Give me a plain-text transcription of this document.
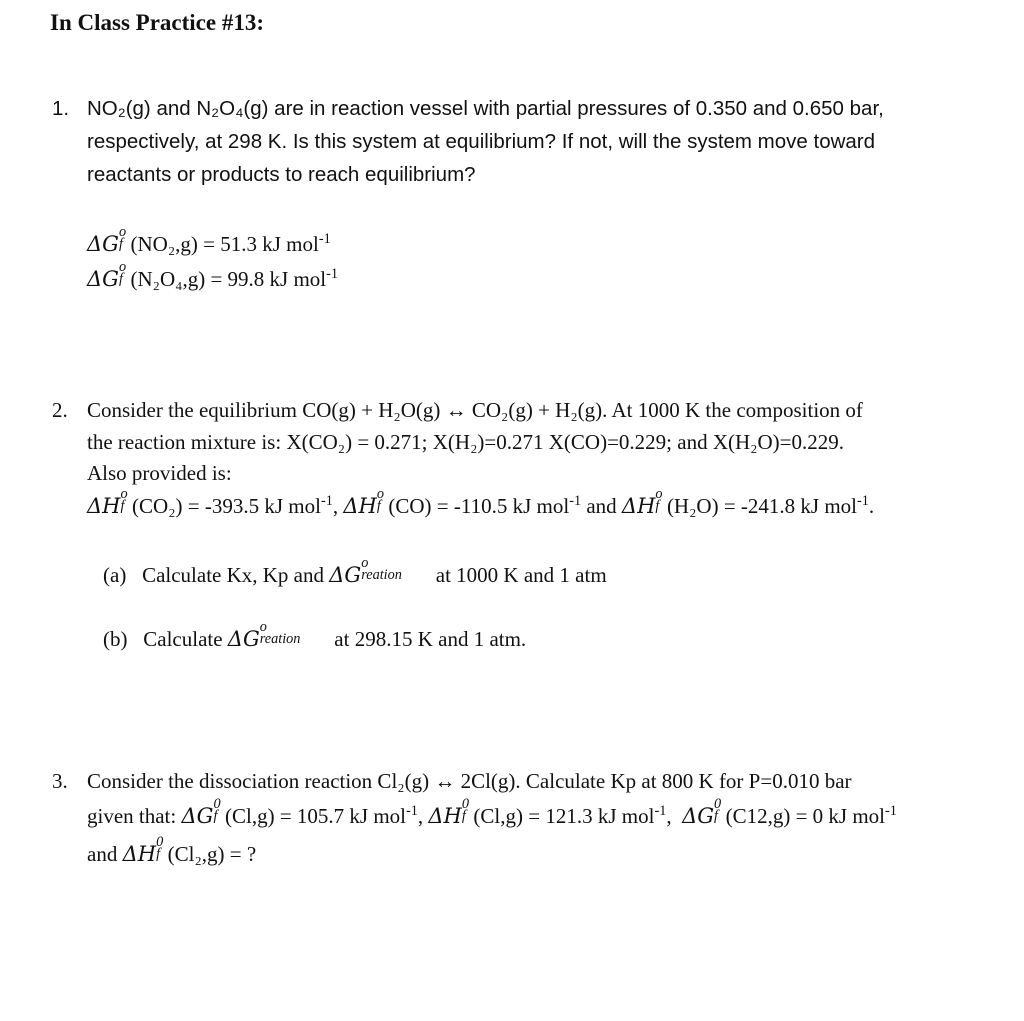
In Class Practice #13:
1. NO₂(g) and N₂O₄(g) are in reaction vessel with partial pressures of 0.350 and 0.650 bar,
respectively, at 298 K. Is this system at equilibrium? If not, will the system move toward
reactants or products to reach equilibrium?
ΔG
o
f (NO₂,g) = 51.3 kJ mol$^{-1}$
ΔG
o
f (N₂O₄,g) = 99.8 kJ mol$^{-1}$
2. Consider the equilibrium CO(g) + H₂O(g) ↔ CO₂(g) + H₂(g). At 1000 K the composition of
the reaction mixture is: X(CO₂) = 0.271; X(H₂)=0.271 X(CO)=0.229; and X(H₂O)=0.229.
Also provided is:
ΔH
o
f (CO₂) = -393.5 kJ mol$^{-1}$, ΔH
o
f (CO) = -110.5 kJ mol$^{-1}$ and ΔH
o
f (H₂O) = -241.8 kJ mol$^{-1}$.
(a) Calculate Kx, Kp and ΔG
o
reation at 1000 K and 1 atm
(b) Calculate ΔG
o
reation at 298.15 K and 1 atm.
3. Consider the dissociation reaction Cl₂(g) ↔ 2Cl(g). Calculate Kp at 800 K for P=0.010 bar
given that: ΔG
0
f (Cl,g) = 105.7 kJ mol$^{-1}$, ΔH
0
f (Cl,g) = 121.3 kJ mol$^{-1}$,  ΔG
0
f (C12,g) = 0 kJ mol$^{-1}$
and ΔH
0
f (Cl₂,g) = ?
